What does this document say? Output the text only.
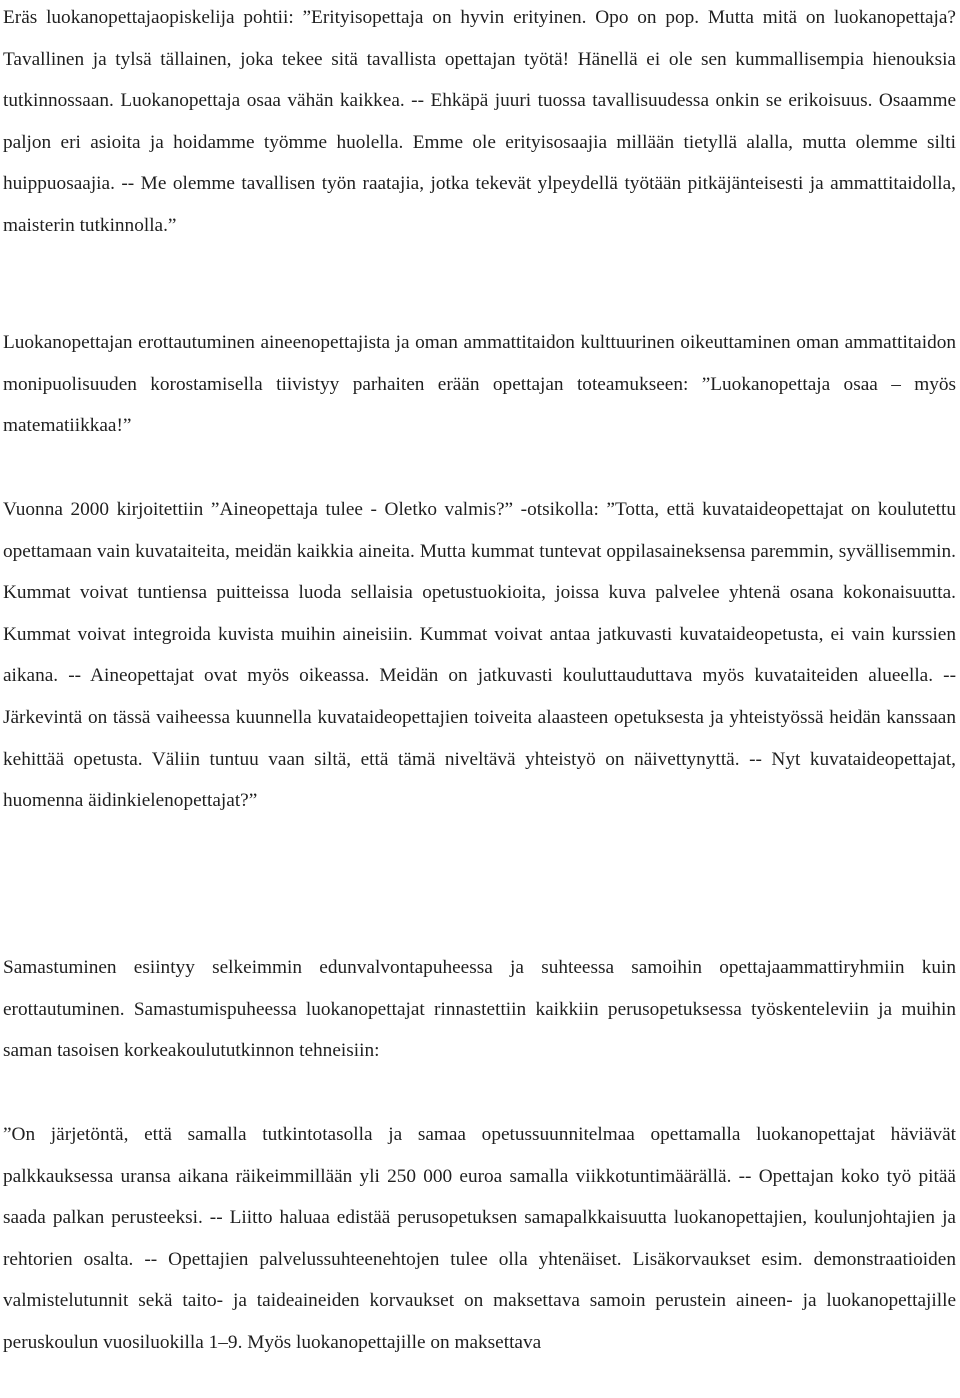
Eräs luokanopettajaopiskelija pohtii: ”Erityisopettaja on hyvin erityinen. Opo on pop. Mutta mitä on luokanopettaja? Tavallinen ja tylsä tällainen, joka tekee sitä tavallista opettajan työtä! Hänellä ei ole sen kummallisempia hienouksia tutkinnossaan. Luokanopettaja osaa vähän kaikkea. -- Ehkäpä juuri tuossa tavallisuudessa onkin se erikoisuus. Osaamme paljon eri asioita ja hoidamme työmme huolella. Emme ole erityisosaajia millään tietyllä alalla, mutta olemme silti huippuosaajia. -- Me olemme tavallisen työn raatajia, jotka tekevät ylpeydellä työtään pitkäjänteisesti ja ammattitaidolla, maisterin tutkinnolla.”

Luokanopettajan erottautuminen aineenopettajista ja oman ammattitaidon kulttuurinen oikeuttaminen oman ammattitaidon monipuolisuuden korostamisella tiivistyy parhaiten erään opettajan toteamukseen: ”Luokanopettaja osaa – myös matematiikkaa!”

Vuonna 2000 kirjoitettiin ”Aineopettaja tulee - Oletko valmis?” -otsikolla: ”Totta, että kuvataideopettajat on koulutettu opettamaan vain kuvataiteita, meidän kaikkia aineita. Mutta kummat tuntevat oppilasaineksensa paremmin, syvällisemmin. Kummat voivat tuntiensa puitteissa luoda sellaisia opetustuokioita, joissa kuva palvelee yhtenä osana kokonaisuutta. Kummat voivat integroida kuvista muihin aineisiin. Kummat voivat antaa jatkuvasti kuvataideopetusta, ei vain kurssien aikana. -- Aineopettajat ovat myös oikeassa. Meidän on jatkuvasti kouluttauduttava myös kuvataiteiden alueella. -- Järkevintä on tässä vaiheessa kuunnella kuvataideopettajien toiveita alaasteen opetuksesta ja yhteistyössä heidän kanssaan kehittää opetusta. Väliin tuntuu vaan siltä, että tämä niveltävä yhteistyö on näivettynyttä. -- Nyt kuvataideopettajat, huomenna äidinkielenopettajat?”

Samastuminen esiintyy selkeimmin edunvalvontapuheessa ja suhteessa samoihin opettajaammattiryhmiin kuin erottautuminen. Samastumispuheessa luokanopettajat rinnastettiin kaikkiin perusopetuksessa työskenteleviin ja muihin saman tasoisen korkeakoulututkinnon tehneisiin:

”On järjetöntä, että samalla tutkintotasolla ja samaa opetussuunnitelmaa opettamalla luokanopettajat häviävät palkkauksessa uransa aikana räikeimmillään yli 250 000 euroa samalla viikkotuntimäärällä. -- Opettajan koko työ pitää saada palkan perusteeksi. -- Liitto haluaa edistää perusopetuksen samapalkkaisuutta luokanopettajien, koulunjohtajien ja rehtorien osalta. -- Opettajien palvelussuhteenehtojen tulee olla yhtenäiset. Lisäkorvaukset esim. demonstraatioiden valmistelutunnit sekä taito- ja taideaineiden korvaukset on maksettava samoin perustein aineen- ja luokanopettajille peruskoulun vuosiluokilla 1–9. Myös luokanopettajille on maksettava
